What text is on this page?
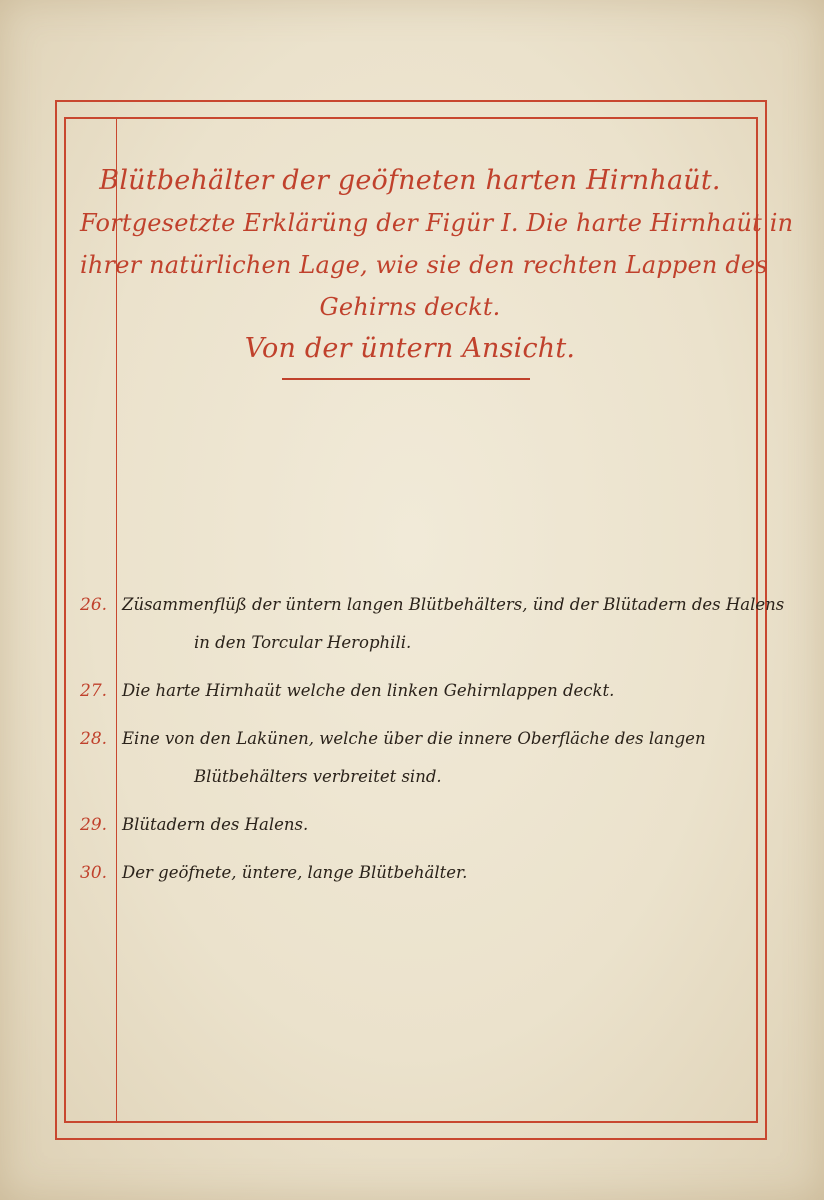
Blütbehälter der geöfneten harten Hirnhaüt.
Fortgesetzte Erklärüng der Figür I. Die harte Hirnhaüt in
ihrer natürlichen Lage, wie sie den rechten Lappen des
Gehirns deckt.
Von der üntern Ansicht.
26. Züsammenflüß der üntern langen Blütbehälters, ünd der Blütadern des Halens
in den Torcular Herophili.
27. Die harte Hirnhaüt welche den linken Gehirnlappen deckt.
28. Eine von den Lakünen, welche über die innere Oberfläche des langen
Blütbehälters verbreitet sind.
29. Blütadern des Halens.
30. Der geöfnete, üntere, lange Blütbehälter.
